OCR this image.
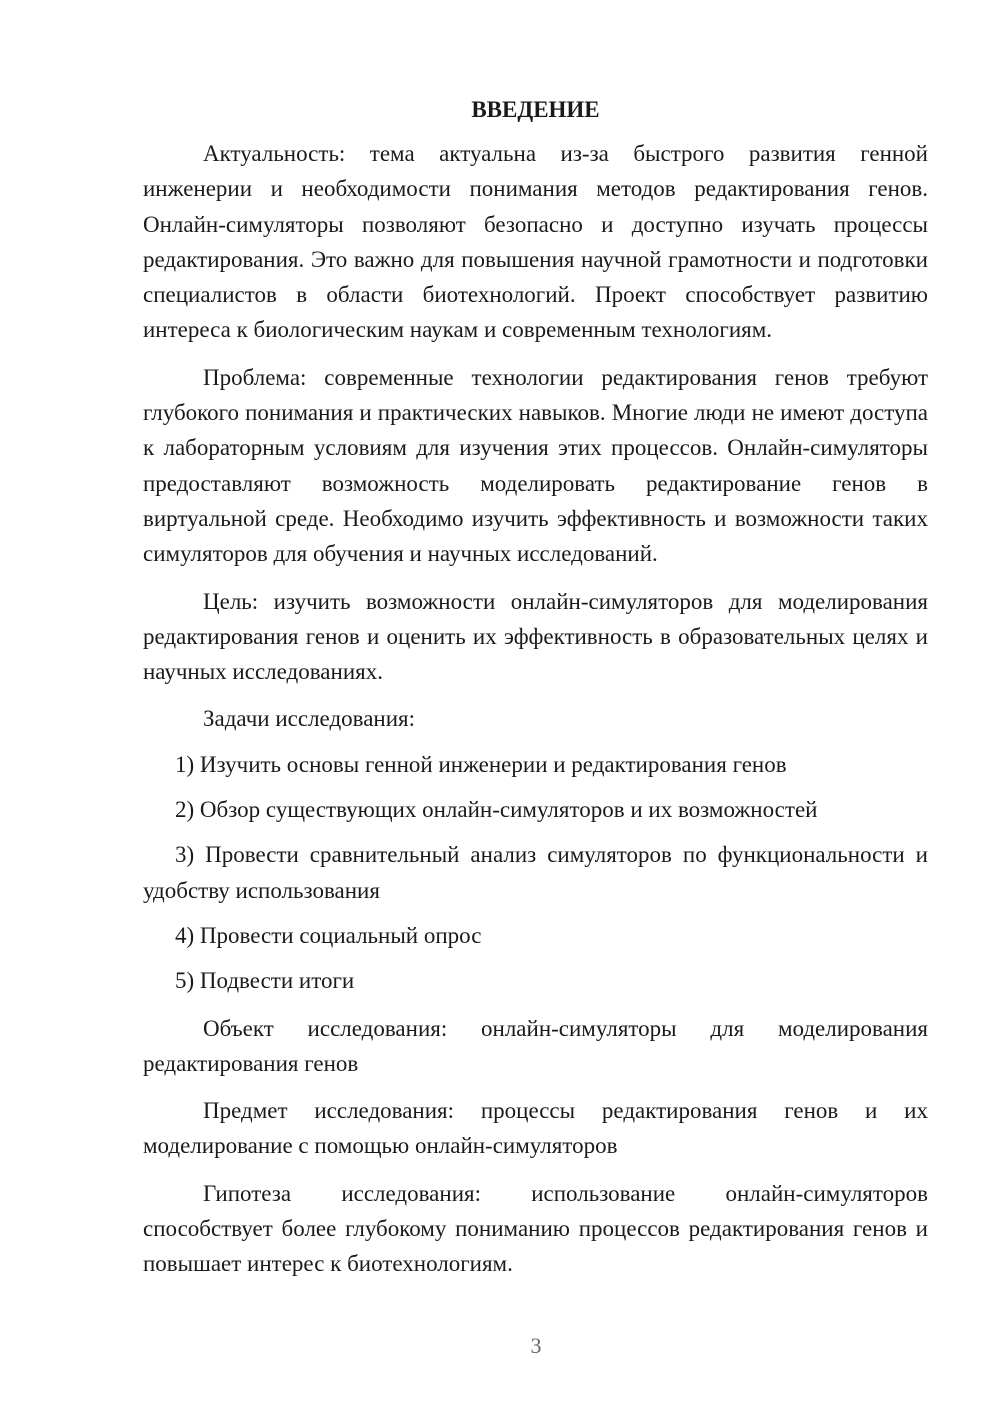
ВВЕДЕНИЕ

Актуальность: тема актуальна из-за быстрого развития генной инженерии и необходимости понимания методов редактирования генов. Онлайн-симуляторы позволяют безопасно и доступно изучать процессы редактирования. Это важно для повышения научной грамотности и подготовки специалистов в области биотехнологий. Проект способствует развитию интереса к биологическим наукам и современным технологиям.

Проблема: современные технологии редактирования генов требуют глубокого понимания и практических навыков. Многие люди не имеют доступа к лабораторным условиям для изучения этих процессов. Онлайн-симуляторы предоставляют возможность моделировать редактирование генов в виртуальной среде. Необходимо изучить эффективность и возможности таких симуляторов для обучения и научных исследований.

Цель: изучить возможности онлайн-симуляторов для моделирования редактирования генов и оценить их эффективность в образовательных целях и научных исследованиях.

Задачи исследования:

1) Изучить основы генной инженерии и редактирования генов

2) Обзор существующих онлайн-симуляторов и их возможностей

3) Провести сравнительный анализ симуляторов по функциональности и удобству использования

4) Провести социальный опрос

5) Подвести итоги

Объект исследования: онлайн-симуляторы для моделирования редактирования генов

Предмет исследования: процессы редактирования генов и их моделирование с помощью онлайн-симуляторов

Гипотеза исследования: использование онлайн-симуляторов способствует более глубокому пониманию процессов редактирования генов и повышает интерес к биотехнологиям.

3
